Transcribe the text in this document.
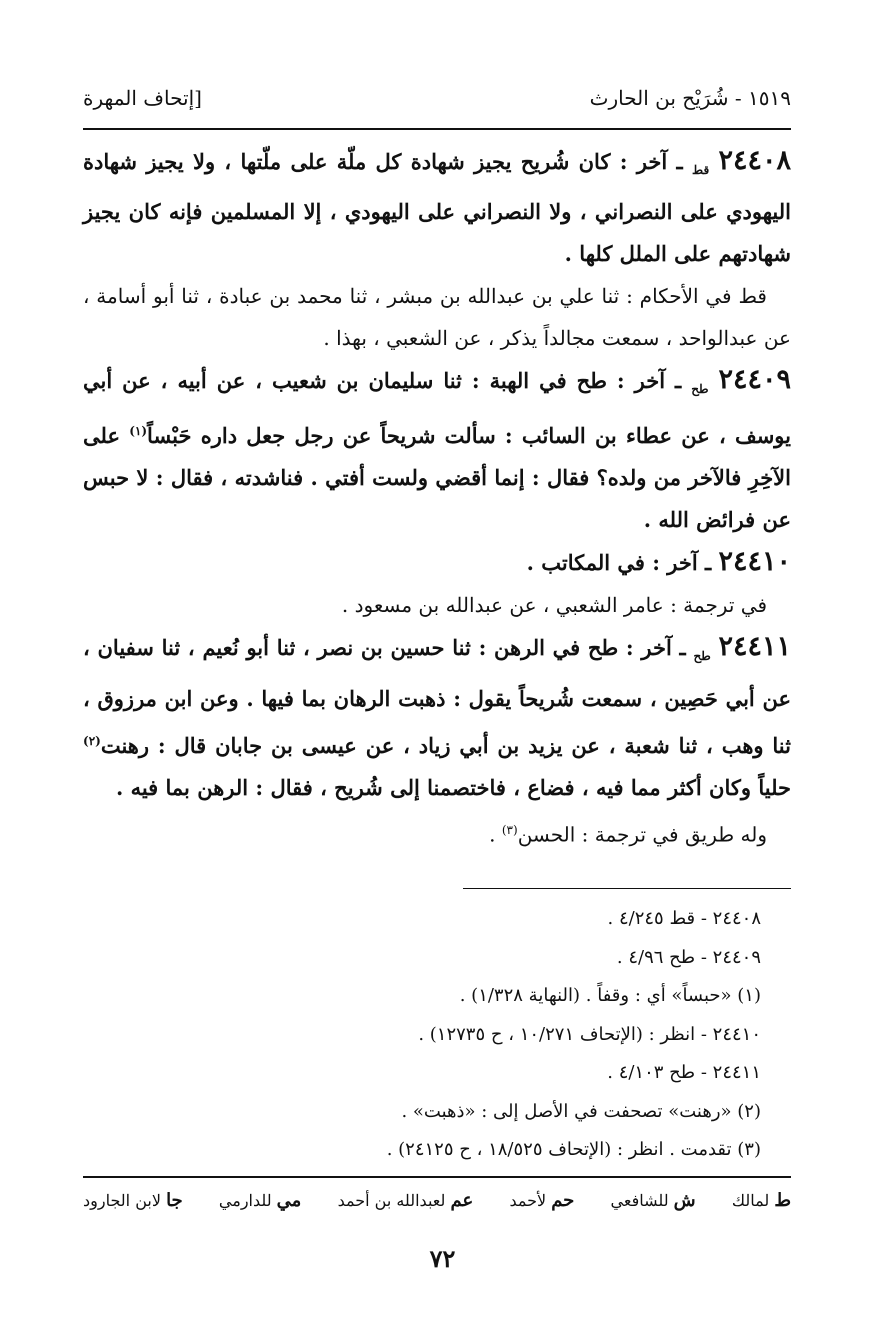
١٥١٩ - شُرَيْح بن الحارث
[إتحاف المهرة

٢٤٤٠٨ $_{قط}$ ـ آخر : كان شُريح يجيز شهادة كل ملّة على ملّتها ، ولا يجيز شهادة اليهودي على النصراني ، ولا النصراني على اليهودي ، إلا المسلمين فإنه كان يجيز شهادتهم على الملل كلها .

قط في الأحكام : ثنا علي بن عبدالله بن مبشر ، ثنا محمد بن عبادة ، ثنا أبو أسامة ، عن عبدالواحد ، سمعت مجالداً يذكر ، عن الشعبي ، بهذا .

٢٤٤٠٩ $_{طح}$ ـ آخر : طح في الهبة : ثنا سليمان بن شعيب ، عن أبيه ، عن أبي يوسف ، عن عطاء بن السائب : سألت شريحاً عن رجل جعل داره حَبْساً$^{(١)}$ على الآخِرِ فالآخر من ولده؟ فقال : إنما أقضي ولست أفتي . فناشدته ، فقال : لا حبس عن فرائض الله .

٢٤٤١٠ ـ آخر : في المكاتب .

في ترجمة : عامر الشعبي ، عن عبدالله بن مسعود .

٢٤٤١١ $_{طح}$ ـ آخر : طح في الرهن : ثنا حسين بن نصر ، ثنا أبو نُعيم ، ثنا سفيان ، عن أبي حَصِين ، سمعت شُريحاً يقول : ذهبت الرهان بما فيها . وعن ابن مرزوق ، ثنا وهب ، ثنا شعبة ، عن يزيد بن أبي زياد ، عن عيسى بن جابان قال : رهنت$^{(٢)}$ حلياً وكان أكثر مما فيه ، فضاع ، فاختصمنا إلى شُريح ، فقال : الرهن بما فيه .

وله طريق في ترجمة : الحسن$^{(٣)}$ .

٢٤٤٠٨ - قط ٤/٢٤٥ .
٢٤٤٠٩ - طح ٤/٩٦ .
(١) «حبساً» أي : وقفاً . (النهاية ١/٣٢٨) .
٢٤٤١٠ - انظر : (الإتحاف ١٠/٢٧١ ، ح ١٢٧٣٥) .
٢٤٤١١ - طح ٤/١٠٣ .
(٢) «رهنت» تصحفت في الأصل إلى : «ذهبت» .
(٣) تقدمت . انظر : (الإتحاف ١٨/٥٢٥ ، ح ٢٤١٢٥) .
ط لمالك
ش للشافعي
حم لأحمد
عم لعبدالله بن أحمد
مي للدارمي
جا لابن الجارود
٧٢
